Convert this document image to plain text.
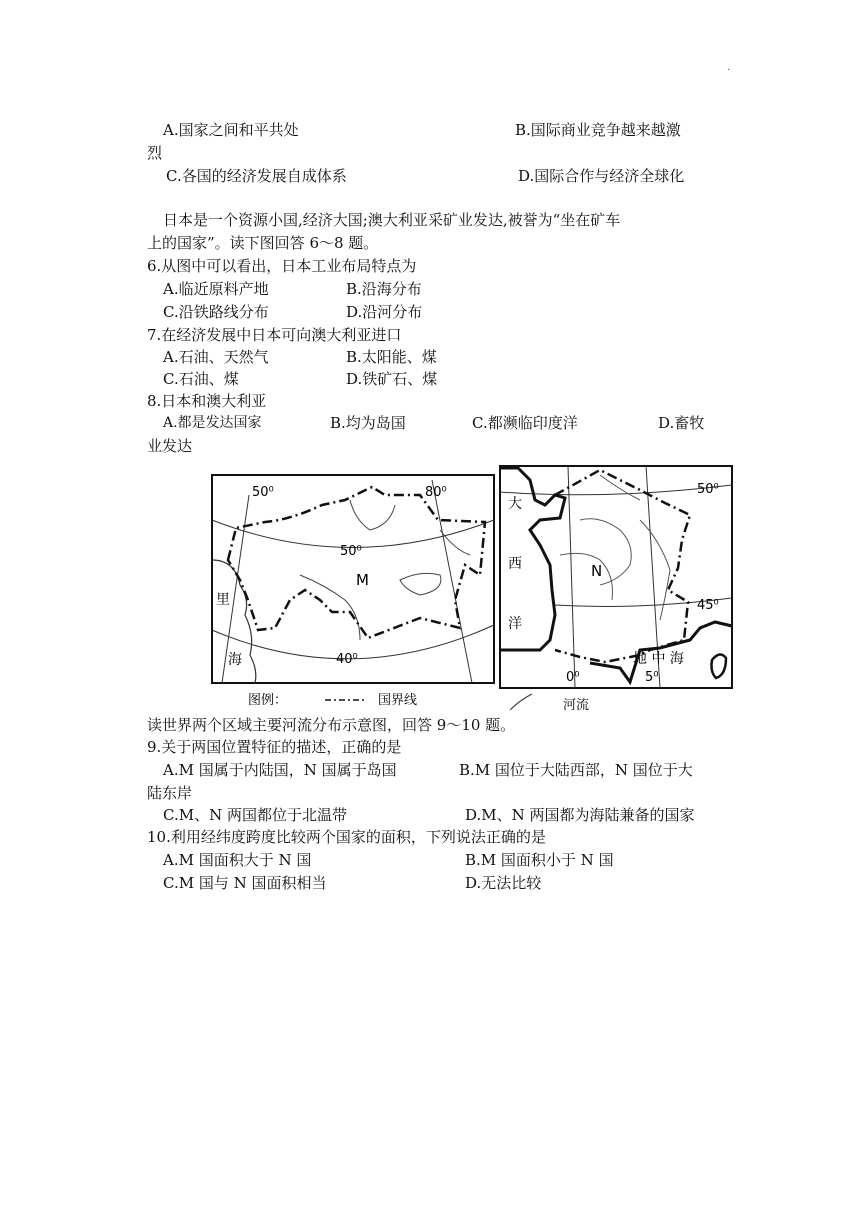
.
A.国家之间和平共处	B.国际商业竞争越来越激
烈
C.各国的经济发展自成体系	D.国际合作与经济全球化
日本是一个资源小国,经济大国;澳大利亚采矿业发达,被誉为“坐在矿车
上的国家”。读下图回答 6～8 题。
6.从图中可以看出，日本工业布局特点为
A.临近原料产地	B.沿海分布
C.沿铁路线分布	D.沿河分布
7.在经济发展中日本可向澳大利亚进口
A.石油、天然气	B.太阳能、煤
C.石油、煤	D.铁矿石、煤
8.日本和澳大利亚
A.都是发达国家	B.均为岛国	C.都濒临印度洋	D.畜牧
业发达
50⁰	80⁰
50⁰
40⁰
M
里
海
大
西
洋
50⁰
45⁰
N
0⁰	5⁰
地 中 海
图例：	国界线	河流
读世界两个区域主要河流分布示意图，回答 9～10 题。
9.关于两国位置特征的描述，正确的是
A.M 国属于内陆国，N 国属于岛国	B.M 国位于大陆西部，N 国位于大
陆东岸
C.M、N 两国都位于北温带	D.M、N 两国都为海陆兼备的国家
10.利用经纬度跨度比较两个国家的面积，下列说法正确的是
A.M 国面积大于 N 国	B.M 国面积小于 N 国
C.M 国与 N 国面积相当	D.无法比较
